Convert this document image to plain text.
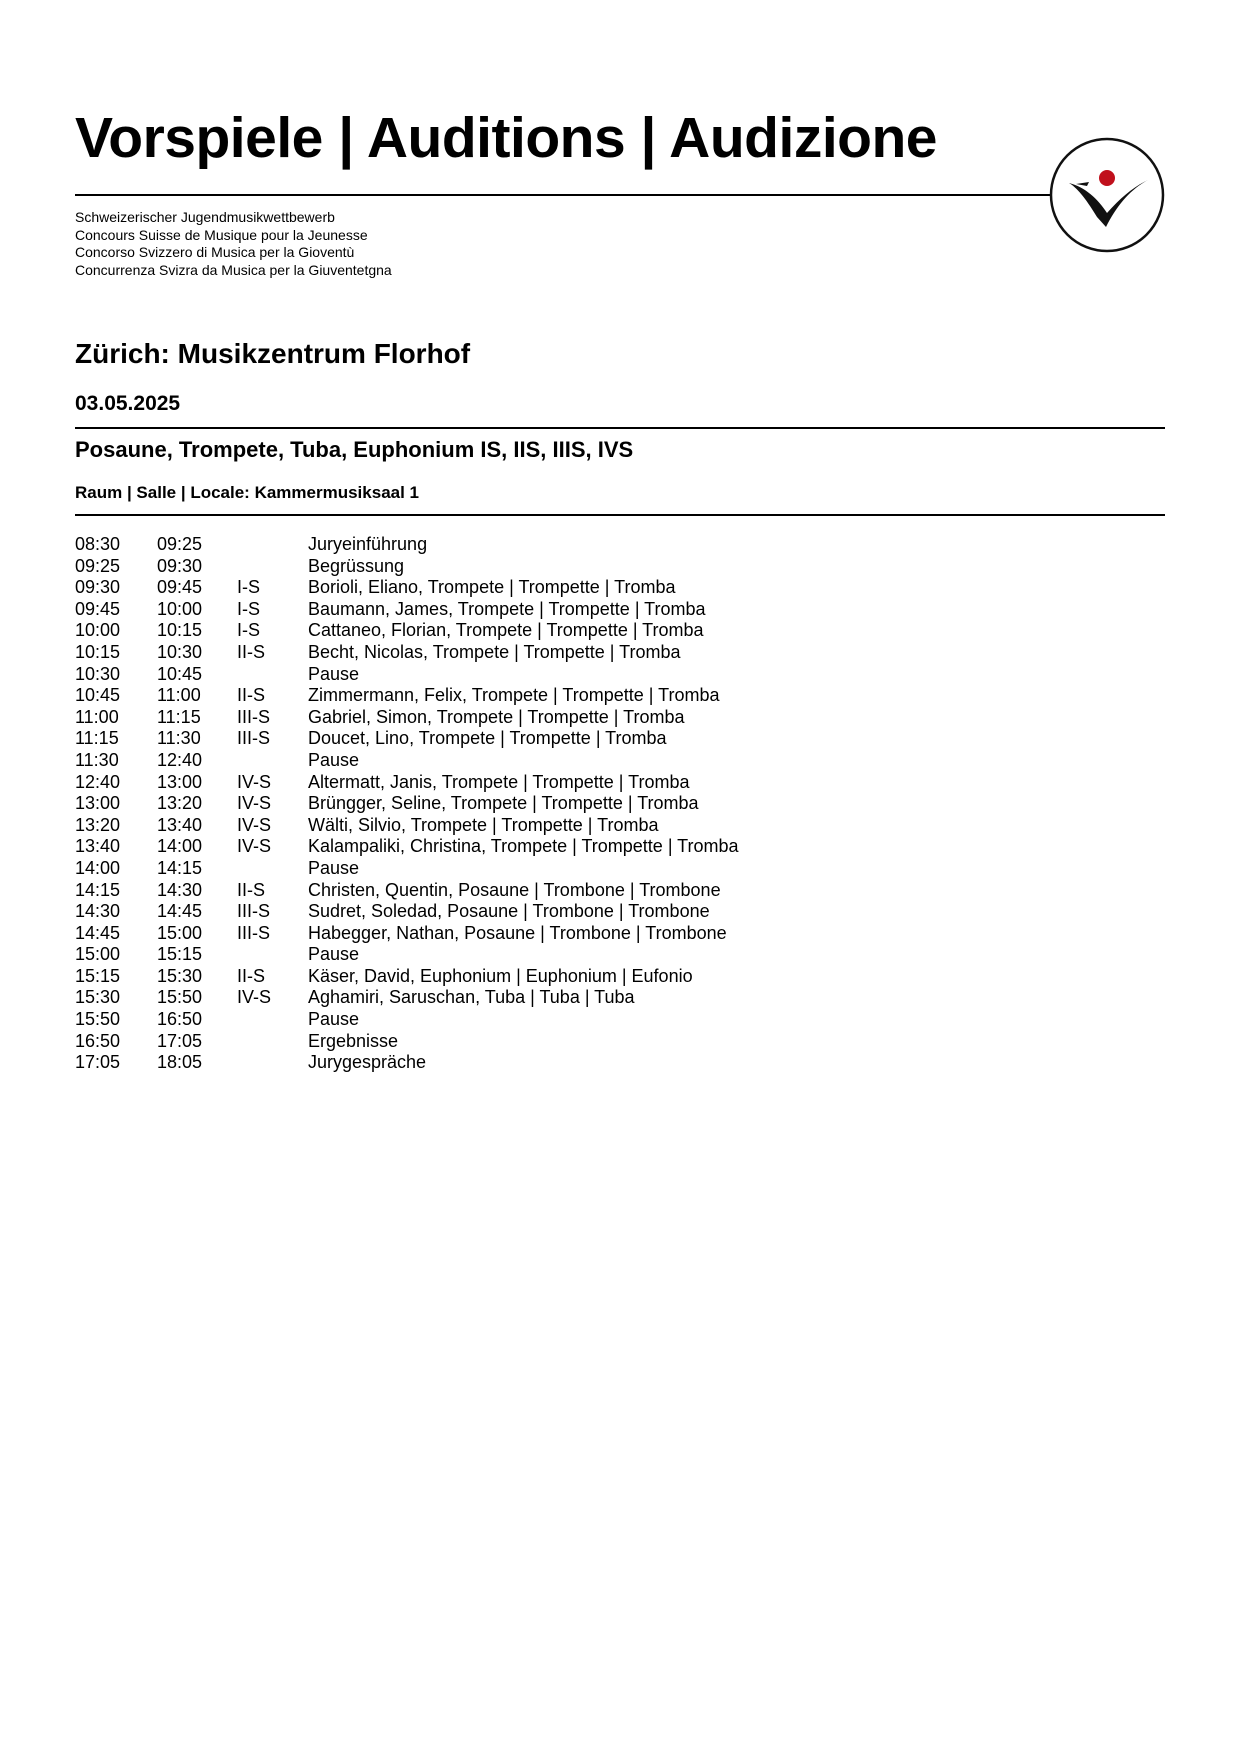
Vorspiele | Auditions | Audizione
Schweizerischer Jugendmusikwettbewerb
Concours Suisse de Musique pour la Jeunesse
Concorso Svizzero di Musica per la Gioventù
Concurrenza Svizra da Musica per la Giuventetgna
Zürich: Musikzentrum Florhof
03.05.2025
Posaune, Trompete, Tuba, Euphonium IS, IIS, IIIS, IVS
Raum | Salle | Locale: Kammermusiksaal 1
08:30	09:25	Juryeinführung
09:25	09:30	Begrüssung
09:30	09:45	I-S	Borioli, Eliano, Trompete | Trompette | Tromba
09:45	10:00	I-S	Baumann, James, Trompete | Trompette | Tromba
10:00	10:15	I-S	Cattaneo, Florian, Trompete | Trompette | Tromba
10:15	10:30	II-S	Becht, Nicolas, Trompete | Trompette | Tromba
10:30	10:45	Pause
10:45	11:00	II-S	Zimmermann, Felix, Trompete | Trompette | Tromba
11:00	11:15	III-S	Gabriel, Simon, Trompete | Trompette | Tromba
11:15	11:30	III-S	Doucet, Lino, Trompete | Trompette | Tromba
11:30	12:40	Pause
12:40	13:00	IV-S	Altermatt, Janis, Trompete | Trompette | Tromba
13:00	13:20	IV-S	Brüngger, Seline, Trompete | Trompette | Tromba
13:20	13:40	IV-S	Wälti, Silvio, Trompete | Trompette | Tromba
13:40	14:00	IV-S	Kalampaliki, Christina, Trompete | Trompette | Tromba
14:00	14:15	Pause
14:15	14:30	II-S	Christen, Quentin, Posaune | Trombone | Trombone
14:30	14:45	III-S	Sudret, Soledad, Posaune | Trombone | Trombone
14:45	15:00	III-S	Habegger, Nathan, Posaune | Trombone | Trombone
15:00	15:15	Pause
15:15	15:30	II-S	Käser, David, Euphonium | Euphonium | Eufonio
15:30	15:50	IV-S	Aghamiri, Saruschan, Tuba | Tuba | Tuba
15:50	16:50	Pause
16:50	17:05	Ergebnisse
17:05	18:05	Jurygespräche
